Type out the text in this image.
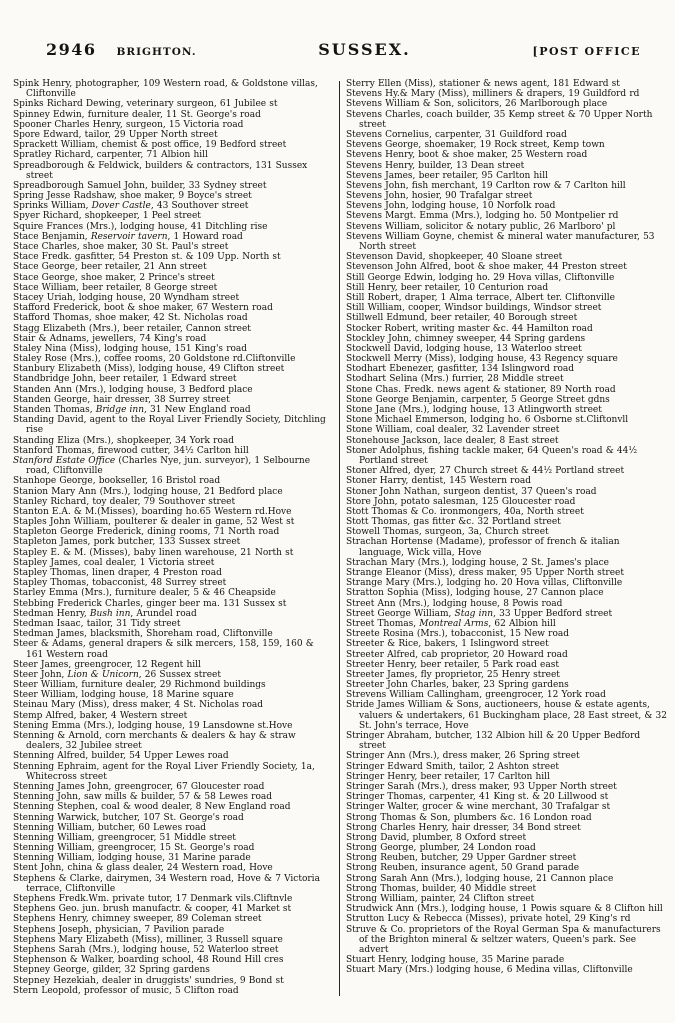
2946 BRIGHTON.	SUSSEX.	[POST OFFICE
Spink Henry, photographer, 109 Western road, & Goldstone villas, Cliftonville
Spinks Richard Dewing, veterinary surgeon, 61 Jubilee st
Spinney Edwin, furniture dealer, 11 St. George's road
Spooner Charles Henry, surgeon, 15 Victoria road
Spore Edward, tailor, 29 Upper North street
Sprackett William, chemist & post office, 19 Bedford street
Spratley Richard, carpenter, 71 Albion hill
Spreadborough & Feldwick, builders & contractors, 131 Sussex street
Spreadborough Samuel John, builder, 33 Sydney street
Spring Jesse Radshaw, shoe maker, 9 Boyce's street
Sprinks William, Dover Castle, 43 Southover street
Spyer Richard, shopkeeper, 1 Peel street
Squire Frances (Mrs.), lodging house, 41 Ditchling rise
Stace Benjamin, Reservoir tavern, 1 Howard road
Stace Charles, shoe maker, 30 St. Paul's street
Stace Fredk. gasfitter, 54 Preston st. & 109 Upp. North st
Stace George, beer retailer, 21 Ann street
Stace George, shoe maker, 2 Prince's street
Stace William, beer retailer, 8 George street
Stacey Uriah, lodging house, 20 Wyndham street
Stafford Frederick, boot & shoe maker, 67 Western road
Stafford Thomas, shoe maker, 42 St. Nicholas road
Stagg Elizabeth (Mrs.), beer retailer, Cannon street
Stair & Adnams, jewellers, 74 King's road
Staley Nina (Miss), lodging house, 151 King's road
Staley Rose (Mrs.), coffee rooms, 20 Goldstone rd.Cliftonville
Stanbury Elizabeth (Miss), lodging house, 49 Clifton street
Standbridge John, beer retailer, 1 Edward street
Standen Ann (Mrs.), lodging house, 3 Bedford place
Standen George, hair dresser, 38 Surrey street
Standen Thomas, Bridge inn, 31 New England road
Standing David, agent to the Royal Liver Friendly Society, Ditchling rise
Standing Eliza (Mrs.), shopkeeper, 34 York road
Stanford Thomas, firewood cutter, 34½ Carlton hill
Stanford Estate Office (Charles Nye, jun. surveyor), 1 Selbourne road, Cliftonville
Stanhope George, bookseller, 16 Bristol road
Stanion Mary Ann (Mrs.), lodging house, 21 Bedford place
Stanley Richard, toy dealer, 79 Southover street
Stanton E.A. & M.(Misses), boarding ho.65 Western rd.Hove
Staples John William, poulterer & dealer in game, 52 West st
Stapleton George Frederick, dining rooms, 71 North road
Stapleton James, pork butcher, 133 Sussex street
Stapley E. & M. (Misses), baby linen warehouse, 21 North st
Stapley James, coal dealer, 1 Victoria street
Stapley Thomas, linen draper, 4 Preston road
Stapley Thomas, tobacconist, 48 Surrey street
Starley Emma (Mrs.), furniture dealer, 5 & 46 Cheapside
Stebbing Frederick Charles, ginger beer ma. 131 Sussex st
Stedman Henry, Bush inn, Arundel road
Stedman Isaac, tailor, 31 Tidy street
Stedman James, blacksmith, Shoreham road, Cliftonville
Steer & Adams, general drapers & silk mercers, 158, 159, 160 & 161 Western road
Steer James, greengrocer, 12 Regent hill
Steer John, Lion & Unicorn, 26 Sussex street
Steer William, furniture dealer, 29 Richmond buildings
Steer William, lodging house, 18 Marine square
Steinau Mary (Miss), dress maker, 4 St. Nicholas road
Stemp Alfred, baker, 4 Western street
Stening Emma (Mrs.), lodging house, 19 Lansdowne st.Hove
Stenning & Arnold, corn merchants & dealers & hay & straw dealers, 32 Jubilee street
Stenning Alfred, builder, 54 Upper Lewes road
Stenning Ephraim, agent for the Royal Liver Friendly Society, 1a, Whitecross street
Stenning James John, greengrocer, 67 Gloucester road
Stenning John, saw mills & builder, 57 & 58 Lewes road
Stenning Stephen, coal & wood dealer, 8 New England road
Stenning Warwick, butcher, 107 St. George's road
Stenning William, butcher, 60 Lewes road
Stenning William, greengrocer, 51 Middle street
Stenning William, greengrocer, 15 St. George's road
Stenning William, lodging house, 31 Marine parade
Stent John, china & glass dealer, 24 Western road, Hove
Stephens & Clarke, dairymen, 34 Western road, Hove & 7 Victoria terrace, Cliftonville
Stephens Fredk.Wm. private tutor, 17 Denmark vils.Cliftnvle
Stephens Geo. jun. brush manufactr. & cooper, 41 Market st
Stephens Henry, chimney sweeper, 89 Coleman street
Stephens Joseph, physician, 7 Pavilion parade
Stephens Mary Elizabeth (Miss), milliner, 3 Russell square
Stephens Sarah (Mrs.), lodging house, 52 Waterloo street
Stephenson & Walker, boarding school, 48 Round Hill cres
Stepney George, gilder, 32 Spring gardens
Stepney Hezekiah, dealer in druggists' sundries, 9 Bond st
Stern Leopold, professor of music, 5 Clifton road
Sterry Ellen (Miss), stationer & news agent, 181 Edward st
Stevens Hy.& Mary (Miss), milliners & drapers, 19 Guildford rd
Stevens William & Son, solicitors, 26 Marlborough place
Stevens Charles, coach builder, 35 Kemp street & 70 Upper North street
Stevens Cornelius, carpenter, 31 Guildford road
Stevens George, shoemaker, 19 Rock street, Kemp town
Stevens Henry, boot & shoe maker, 25 Western road
Stevens Henry, builder, 13 Dean street
Stevens James, beer retailer, 95 Carlton hill
Stevens John, fish merchant, 19 Carlton row & 7 Carlton hill
Stevens John, hosier, 90 Trafalgar street
Stevens John, lodging house, 10 Norfolk road
Stevens Margt. Emma (Mrs.), lodging ho. 50 Montpelier rd
Stevens William, solicitor & notary public, 26 Marlboro' pl
Stevens William Goyne, chemist & mineral water manufacturer, 53 North street
Stevenson David, shopkeeper, 40 Sloane street
Stevenson John Alfred, boot & shoe maker, 44 Preston street
Still George Edwin, lodging ho. 29 Hova villas, Cliftonville
Still Henry, beer retailer, 10 Centurion road
Still Robert, draper, 1 Alma terrace, Albert ter. Cliftonville
Still William, cooper, Windsor buildings, Windsor street
Stillwell Edmund, beer retailer, 40 Borough street
Stocker Robert, writing master &c. 44 Hamilton road
Stockley John, chimney sweeper, 44 Spring gardens
Stockwell David, lodging house, 13 Waterloo street
Stockwell Merry (Miss), lodging house, 43 Regency square
Stodhart Ebenezer, gasfitter, 134 Islingword road
Stodhart Selina (Mrs.) furrier, 28 Middle street
Stone Chas. Fredk. news agent & stationer, 89 North road
Stone George Benjamin, carpenter, 5 George Street gdns
Stone Jane (Mrs.), lodging house, 13 Atlingworth street
Stone Michael Emmerson, lodging ho. 6 Osborne st.Cliftonvll
Stone William, coal dealer, 32 Lavender street
Stonehouse Jackson, lace dealer, 8 East street
Stoner Adolphus, fishing tackle maker, 64 Queen's road & 44½ Portland street
Stoner Alfred, dyer, 27 Church street & 44½ Portland street
Stoner Harry, dentist, 145 Western road
Stoner John Nathan, surgeon dentist, 37 Queen's road
Store John, potato salesman, 125 Gloucester road
Stott Thomas & Co. ironmongers, 40a, North street
Stott Thomas, gas fitter &c. 32 Portland street
Stowell Thomas, surgeon, 3a, Church street
Strachan Hortense (Madame), professor of french & italian language, Wick villa, Hove
Strachan Mary (Mrs.), lodging house, 2 St. James's place
Strange Eleanor (Miss), dress maker, 95 Upper North street
Strange Mary (Mrs.), lodging ho. 20 Hova villas, Cliftonville
Stratton Sophia (Miss), lodging house, 27 Cannon place
Street Ann (Mrs.), lodging house, 8 Powis road
Street George William, Stag inn, 33 Upper Bedford street
Street Thomas, Montreal Arms, 62 Albion hill
Streete Rosina (Mrs.), tobacconist, 15 New road
Streeter & Rice, bakers, 1 Islingword street
Streeter Alfred, cab proprietor, 20 Howard road
Streeter Henry, beer retailer, 5 Park road east
Streeter James, fly proprietor, 25 Henry street
Streeter John Charles, baker, 23 Spring gardens
Strevens William Callingham, greengrocer, 12 York road
Stride James William & Sons, auctioneers, house & estate agents, valuers & undertakers, 61 Buckingham place, 28 East street, & 32 St. John's terrace, Hove
Stringer Abraham, butcher, 132 Albion hill & 20 Upper Bedford street
Stringer Ann (Mrs.), dress maker, 26 Spring street
Stringer Edward Smith, tailor, 2 Ashton street
Stringer Henry, beer retailer, 17 Carlton hill
Stringer Sarah (Mrs.), dress maker, 93 Upper North street
Stringer Thomas, carpenter, 41 King st. & 20 Lillwood st
Stringer Walter, grocer & wine merchant, 30 Trafalgar st
Strong Thomas & Son, plumbers &c. 16 London road
Strong Charles Henry, hair dresser, 34 Bond street
Strong David, plumber, 8 Oxford street
Strong George, plumber, 24 London road
Strong Reuben, butcher, 29 Upper Gardner street
Strong Reuben, insurance agent, 50 Grand parade
Strong Sarah Ann (Mrs.), lodging house, 21 Cannon place
Strong Thomas, builder, 40 Middle street
Strong William, painter, 24 Clifton street
Strudwick Ann (Mrs.), lodging house, 1 Powis square & 8 Clifton hill
Strutton Lucy & Rebecca (Misses), private hotel, 29 King's rd
Struve & Co. proprietors of the Royal German Spa & manufacturers of the Brighton mineral & seltzer waters, Queen's park. See advert
Stuart Henry, lodging house, 35 Marine parade
Stuart Mary (Mrs.) lodging house, 6 Medina villas, Cliftonville
